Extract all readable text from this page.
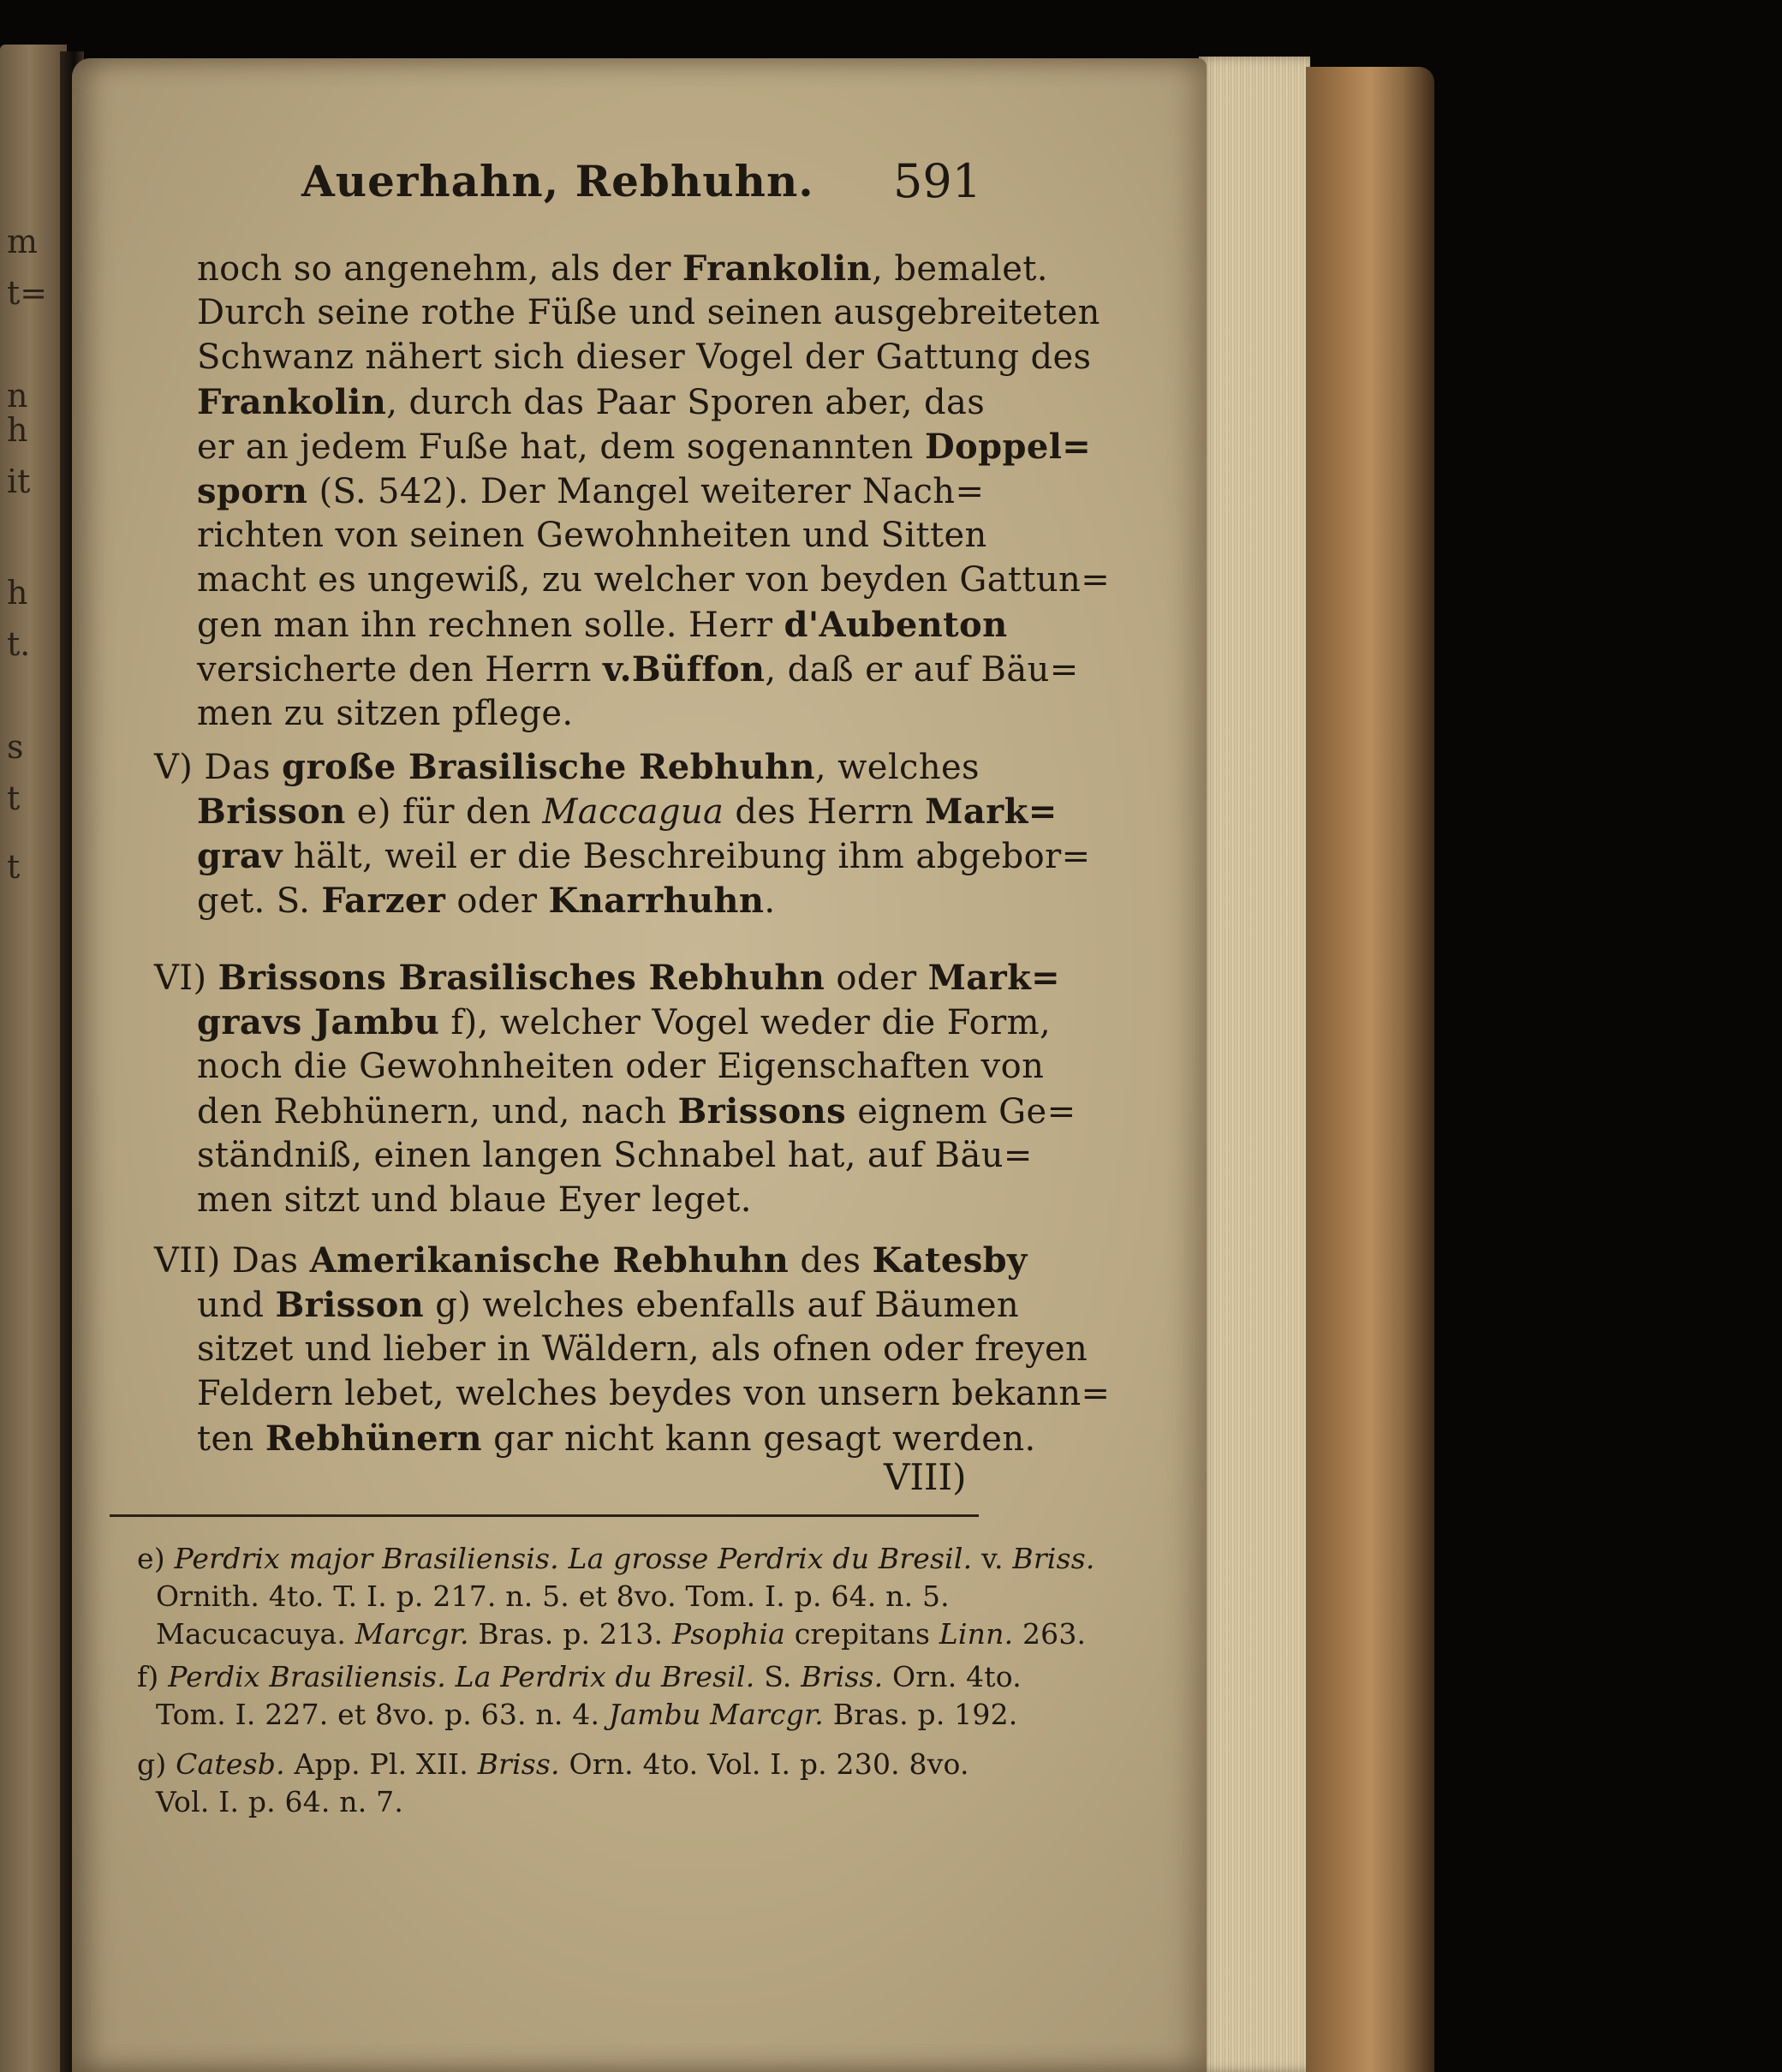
m
t=
n
h
it
h
t.
s
t
t
Auerhahn, Rebhuhn. 591
noch so angenehm, als der Frankolin, bemalet.
Durch seine rothe Füße und seinen ausgebreiteten
Schwanz nähert sich dieser Vogel der Gattung des
Frankolin, durch das Paar Sporen aber, das
er an jedem Fuße hat, dem sogenannten Doppel=
sporn (S. 542). Der Mangel weiterer Nach=
richten von seinen Gewohnheiten und Sitten
macht es ungewiß, zu welcher von beyden Gattun=
gen man ihn rechnen solle. Herr d'Aubenton
versicherte den Herrn v.Büffon, daß er auf Bäu=
men zu sitzen pflege.
V) Das große Brasilische Rebhuhn, welches
Brisson e) für den Maccagua des Herrn Mark=
grav hält, weil er die Beschreibung ihm abgebor=
get. S. Farzer oder Knarrhuhn.
VI) Brissons Brasilisches Rebhuhn oder Mark=
gravs Jambu f), welcher Vogel weder die Form,
noch die Gewohnheiten oder Eigenschaften von
den Rebhünern, und, nach Brissons eignem Ge=
ständniß, einen langen Schnabel hat, auf Bäu=
men sitzt und blaue Eyer leget.
VII) Das Amerikanische Rebhuhn des Katesby
und Brisson g) welches ebenfalls auf Bäumen
sitzet und lieber in Wäldern, als ofnen oder freyen
Feldern lebet, welches beydes von unsern bekann=
ten Rebhünern gar nicht kann gesagt werden.
VIII)
e) Perdrix major Brasiliensis. La grosse Perdrix du Bresil. v. Briss.
Ornith. 4to. T. I. p. 217. n. 5. et 8vo. Tom. I. p. 64. n. 5.
Macucacuya. Marcgr. Bras. p. 213. Psophia crepitans Linn. 263.
f) Perdix Brasiliensis. La Perdrix du Bresil. S. Briss. Orn. 4to.
Tom. I. 227. et 8vo. p. 63. n. 4. Jambu Marcgr. Bras. p. 192.
g) Catesb. App. Pl. XII. Briss. Orn. 4to. Vol. I. p. 230. 8vo.
Vol. I. p. 64. n. 7.
